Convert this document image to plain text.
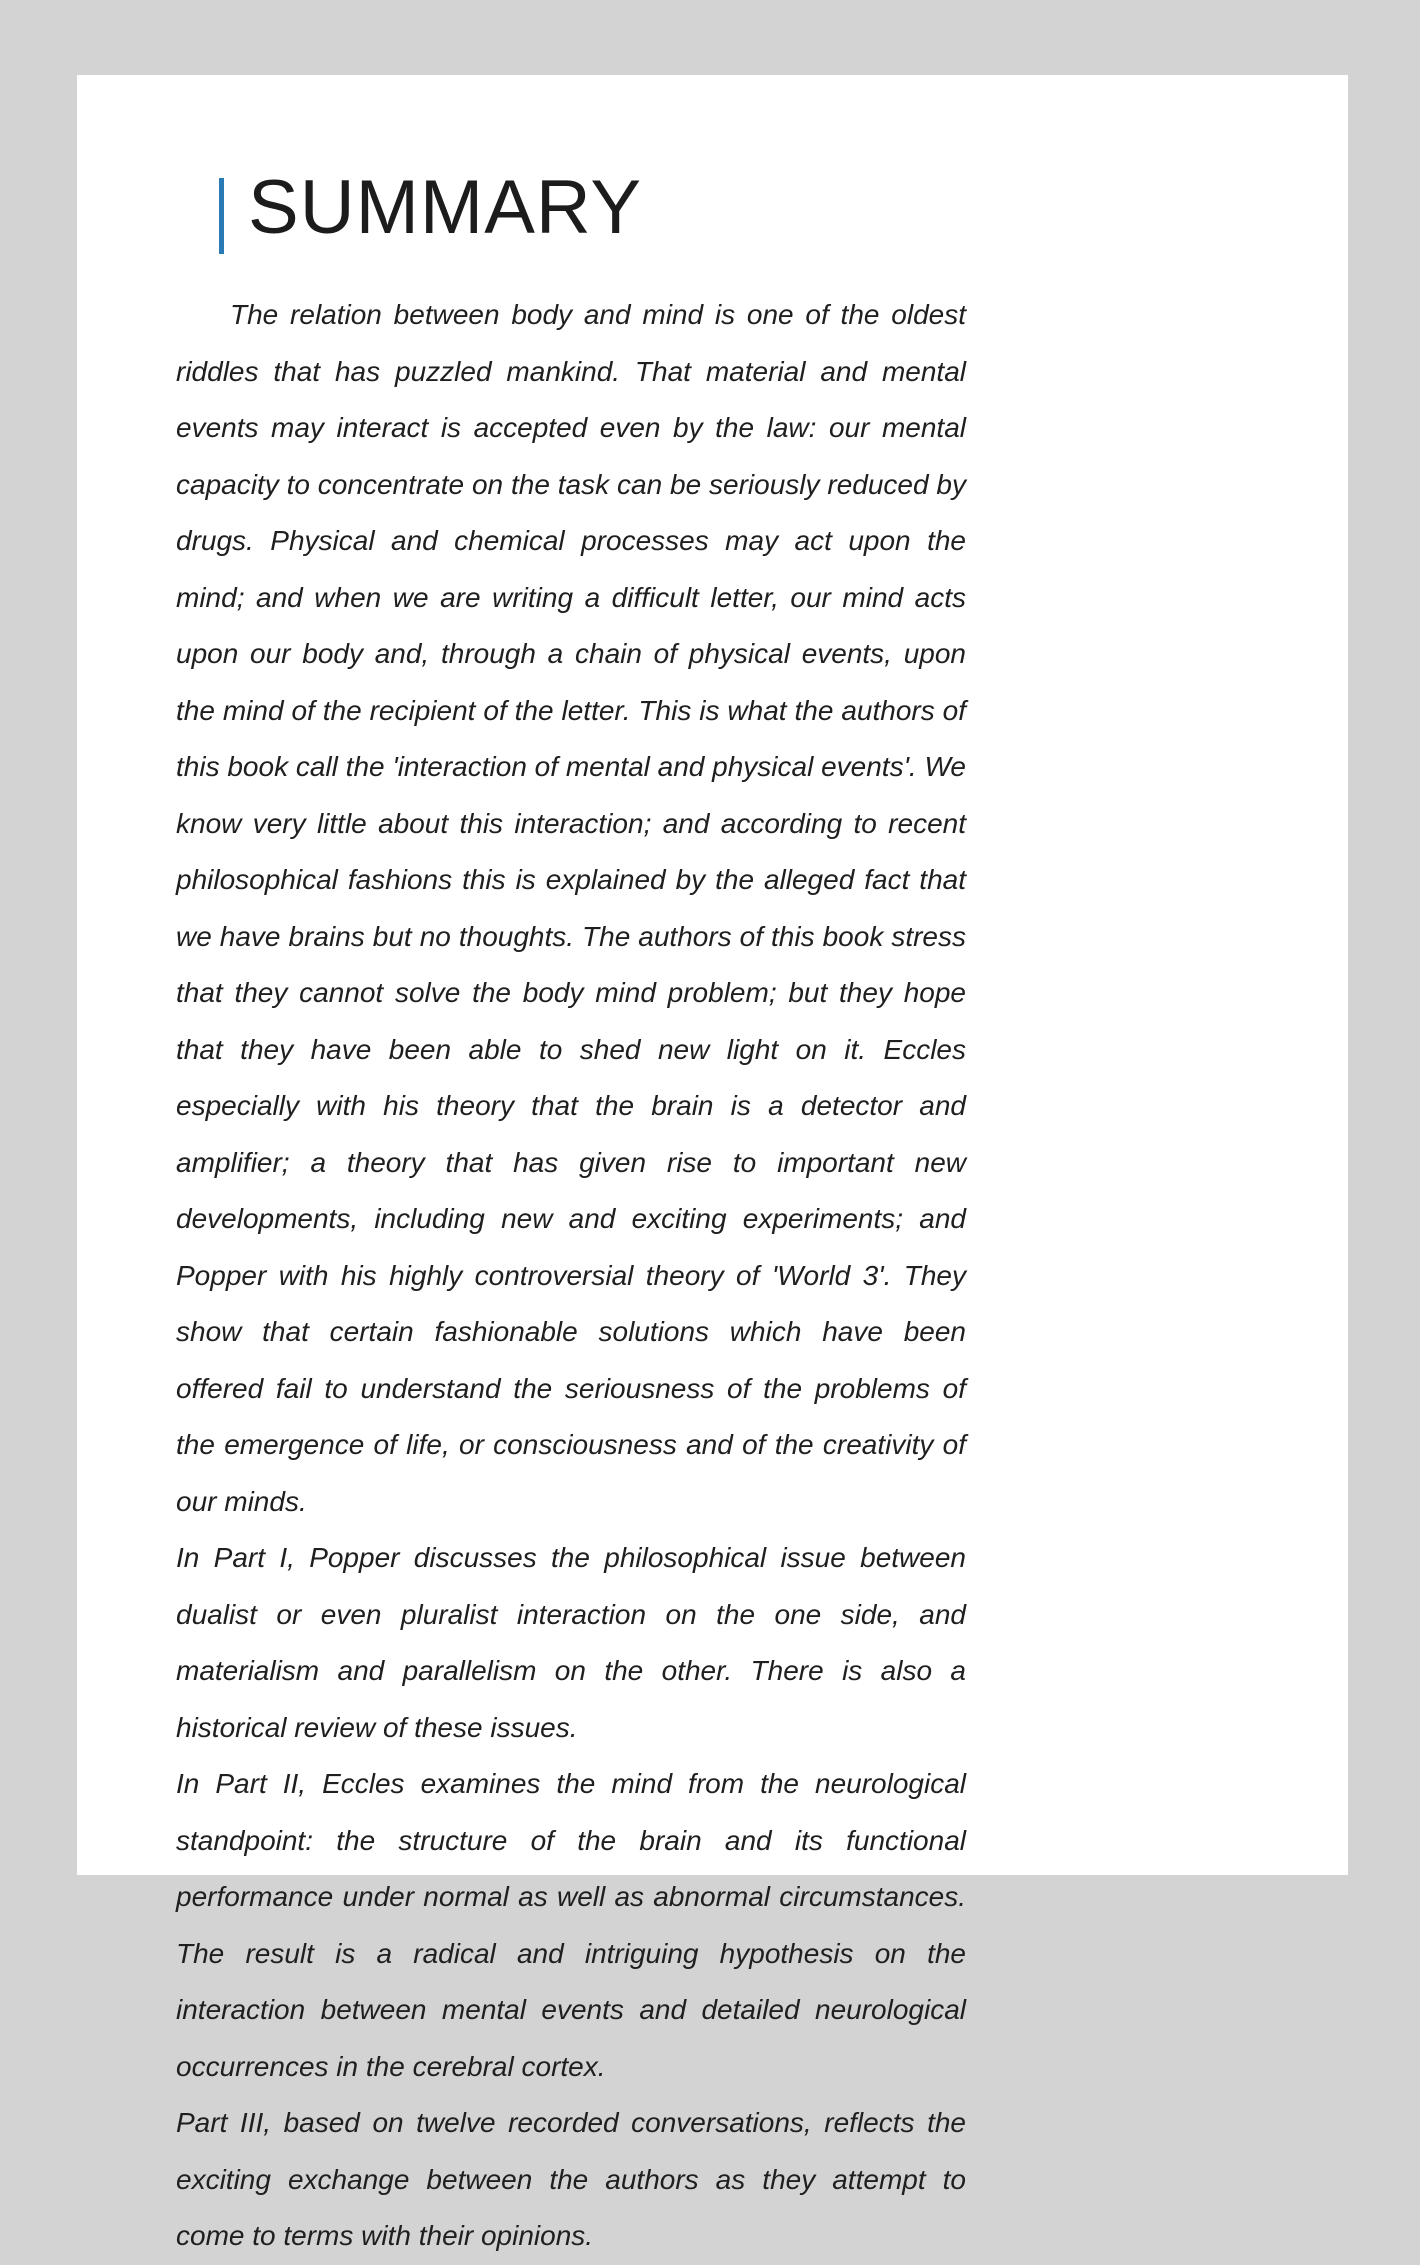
SUMMARY

The relation between body and mind is one of the oldest riddles that has puzzled mankind. That material and mental events may interact is accepted even by the law: our mental capacity to concentrate on the task can be seriously reduced by drugs. Physical and chemical processes may act upon the mind; and when we are writing a difficult letter, our mind acts upon our body and, through a chain of physical events, upon the mind of the recipient of the letter. This is what the authors of this book call the 'interaction of mental and physical events'. We know very little about this interaction; and according to recent philosophical fashions this is explained by the alleged fact that we have brains but no thoughts. The authors of this book stress that they cannot solve the body mind problem; but they hope that they have been able to shed new light on it. Eccles especially with his theory that the brain is a detector and amplifier; a theory that has given rise to important new developments, including new and exciting experiments; and Popper with his highly controversial theory of 'World 3'. They show that certain fashionable solutions which have been offered fail to understand the seriousness of the problems of the emergence of life, or consciousness and of the creativity of our minds.

In Part I, Popper discusses the philosophical issue between dualist or even pluralist interaction on the one side, and materialism and parallelism on the other. There is also a historical review of these issues.

In Part II, Eccles examines the mind from the neurological standpoint: the structure of the brain and its functional performance under normal as well as abnormal circumstances. The result is a radical and intriguing hypothesis on the interaction between mental events and detailed neurological occurrences in the cerebral cortex.

Part III, based on twelve recorded conversations, reflects the exciting exchange between the authors as they attempt to come to terms with their opinions.
